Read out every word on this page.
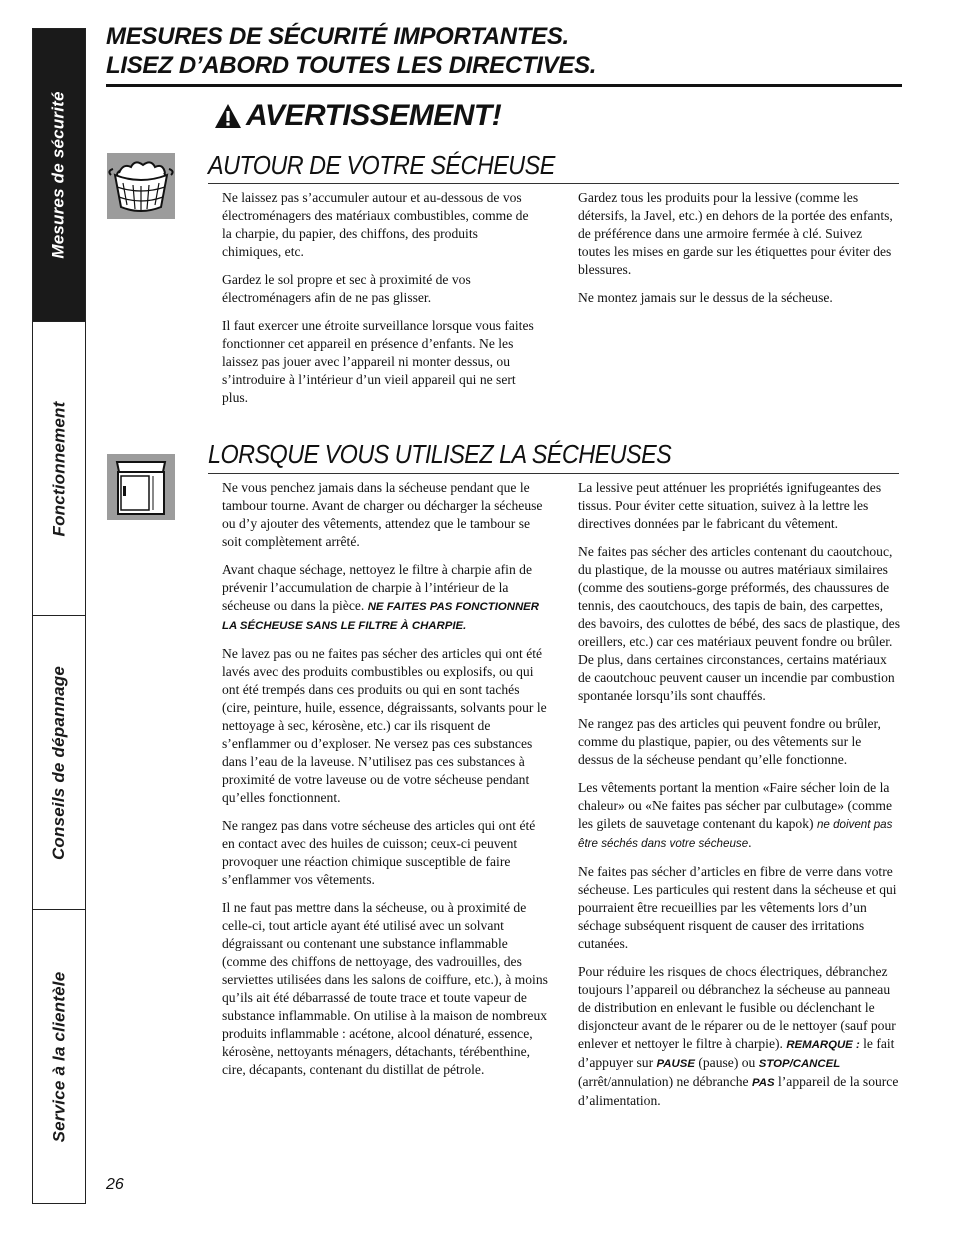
Mesures de sécurité
Fonctionnement
Conseils de dépannage
Service à la clientèle
MESURES DE SÉCURITÉ IMPORTANTES.
LISEZ D’ABORD TOUTES LES DIRECTIVES.
AVERTISSEMENT!
AUTOUR DE VOTRE SÉCHEUSE

Ne laissez pas s’accumuler autour et au-dessous de vos électroménagers des matériaux combustibles, comme de la charpie, du papier, des chiffons, des produits chimiques, etc.

Gardez le sol propre et sec à proximité de vos électroménagers afin de ne pas glisser.

Il faut exercer une étroite surveillance lorsque vous faites fonctionner cet appareil en présence d’enfants. Ne les laissez pas jouer avec l’appareil ni monter dessus, ou s’introduire à l’intérieur d’un vieil appareil qui ne sert plus.

Gardez tous les produits pour la lessive (comme les détersifs, la Javel, etc.) en dehors de la portée des enfants, de préférence dans une armoire fermée à clé. Suivez toutes les mises en garde sur les étiquettes pour éviter des blessures.

Ne montez jamais sur le dessus de la sécheuse.

LORSQUE VOUS UTILISEZ LA SÉCHEUSES

Ne vous penchez jamais dans la sécheuse pendant que le tambour tourne. Avant de charger ou décharger la sécheuse ou d’y ajouter des vêtements, attendez que le tambour se soit complètement arrêté.

Avant chaque séchage, nettoyez le filtre à charpie afin de prévenir l’accumulation de charpie à l’intérieur de la sécheuse ou dans la pièce. NE FAITES PAS FONCTIONNER LA SÉCHEUSE SANS LE FILTRE À CHARPIE.

Ne lavez pas ou ne faites pas sécher des articles qui ont été lavés avec des produits combustibles ou explosifs, ou qui ont été trempés dans ces produits ou qui en sont tachés (cire, peinture, huile, essence, dégraissants, solvants pour le nettoyage à sec, kérosène, etc.) car ils risquent de s’enflammer ou d’exploser. Ne versez pas ces substances dans l’eau de la laveuse. N’utilisez pas ces substances à proximité de votre laveuse ou de votre sécheuse pendant qu’elles fonctionnent.

Ne rangez pas dans votre sécheuse des articles qui ont été en contact avec des huiles de cuisson; ceux-ci peuvent provoquer une réaction chimique susceptible de faire s’enflammer vos vêtements.

Il ne faut pas mettre dans la sécheuse, ou à proximité de celle-ci, tout article ayant été utilisé avec un solvant dégraissant ou contenant une substance inflammable (comme des chiffons de nettoyage, des vadrouilles, des serviettes utilisées dans les salons de coiffure, etc.), à moins qu’ils ait été débarrassé de toute trace et toute vapeur de substance inflammable. On utilise à la maison de nombreux produits inflammable : acétone, alcool dénaturé, essence, kérosène, nettoyants ménagers, détachants, térébenthine, cire, décapants, contenant du distillat de pétrole.

La lessive peut atténuer les propriétés ignifugeantes des tissus. Pour éviter cette situation, suivez à la lettre les directives données par le fabricant du vêtement.

Ne faites pas sécher des articles contenant du caoutchouc, du plastique, de la mousse ou autres matériaux similaires (comme des soutiens-gorge préformés, des chaussures de tennis, des caoutchoucs, des tapis de bain, des carpettes, des bavoirs, des culottes de bébé, des sacs de plastique, des oreillers, etc.) car ces matériaux peuvent fondre ou brûler. De plus, dans certaines circonstances, certains matériaux de caoutchouc peuvent causer un incendie par combustion spontanée lorsqu’ils sont chauffés.

Ne rangez pas des articles qui peuvent fondre ou brûler, comme du plastique, papier, ou des vêtements sur le dessus de la sécheuse pendant qu’elle fonctionne.

Les vêtements portant la mention «Faire sécher loin de la chaleur» ou «Ne faites pas sécher par culbutage» (comme les gilets de sauvetage contenant du kapok) ne doivent pas être séchés dans votre sécheuse.

Ne faites pas sécher d’articles en fibre de verre dans votre sécheuse. Les particules qui restent dans la sécheuse et qui pourraient être recueillies par les vêtements lors d’un séchage subséquent risquent de causer des irritations cutanées.

Pour réduire les risques de chocs électriques, débranchez toujours l’appareil ou débranchez la sécheuse au panneau de distribution en enlevant le fusible ou déclenchant le disjoncteur avant de le réparer ou de le nettoyer (sauf pour enlever et nettoyer le filtre à charpie). REMARQUE : le fait d’appuyer sur PAUSE (pause) ou STOP/CANCEL (arrêt/annulation) ne débranche PAS l’appareil de la source d’alimentation.

26
